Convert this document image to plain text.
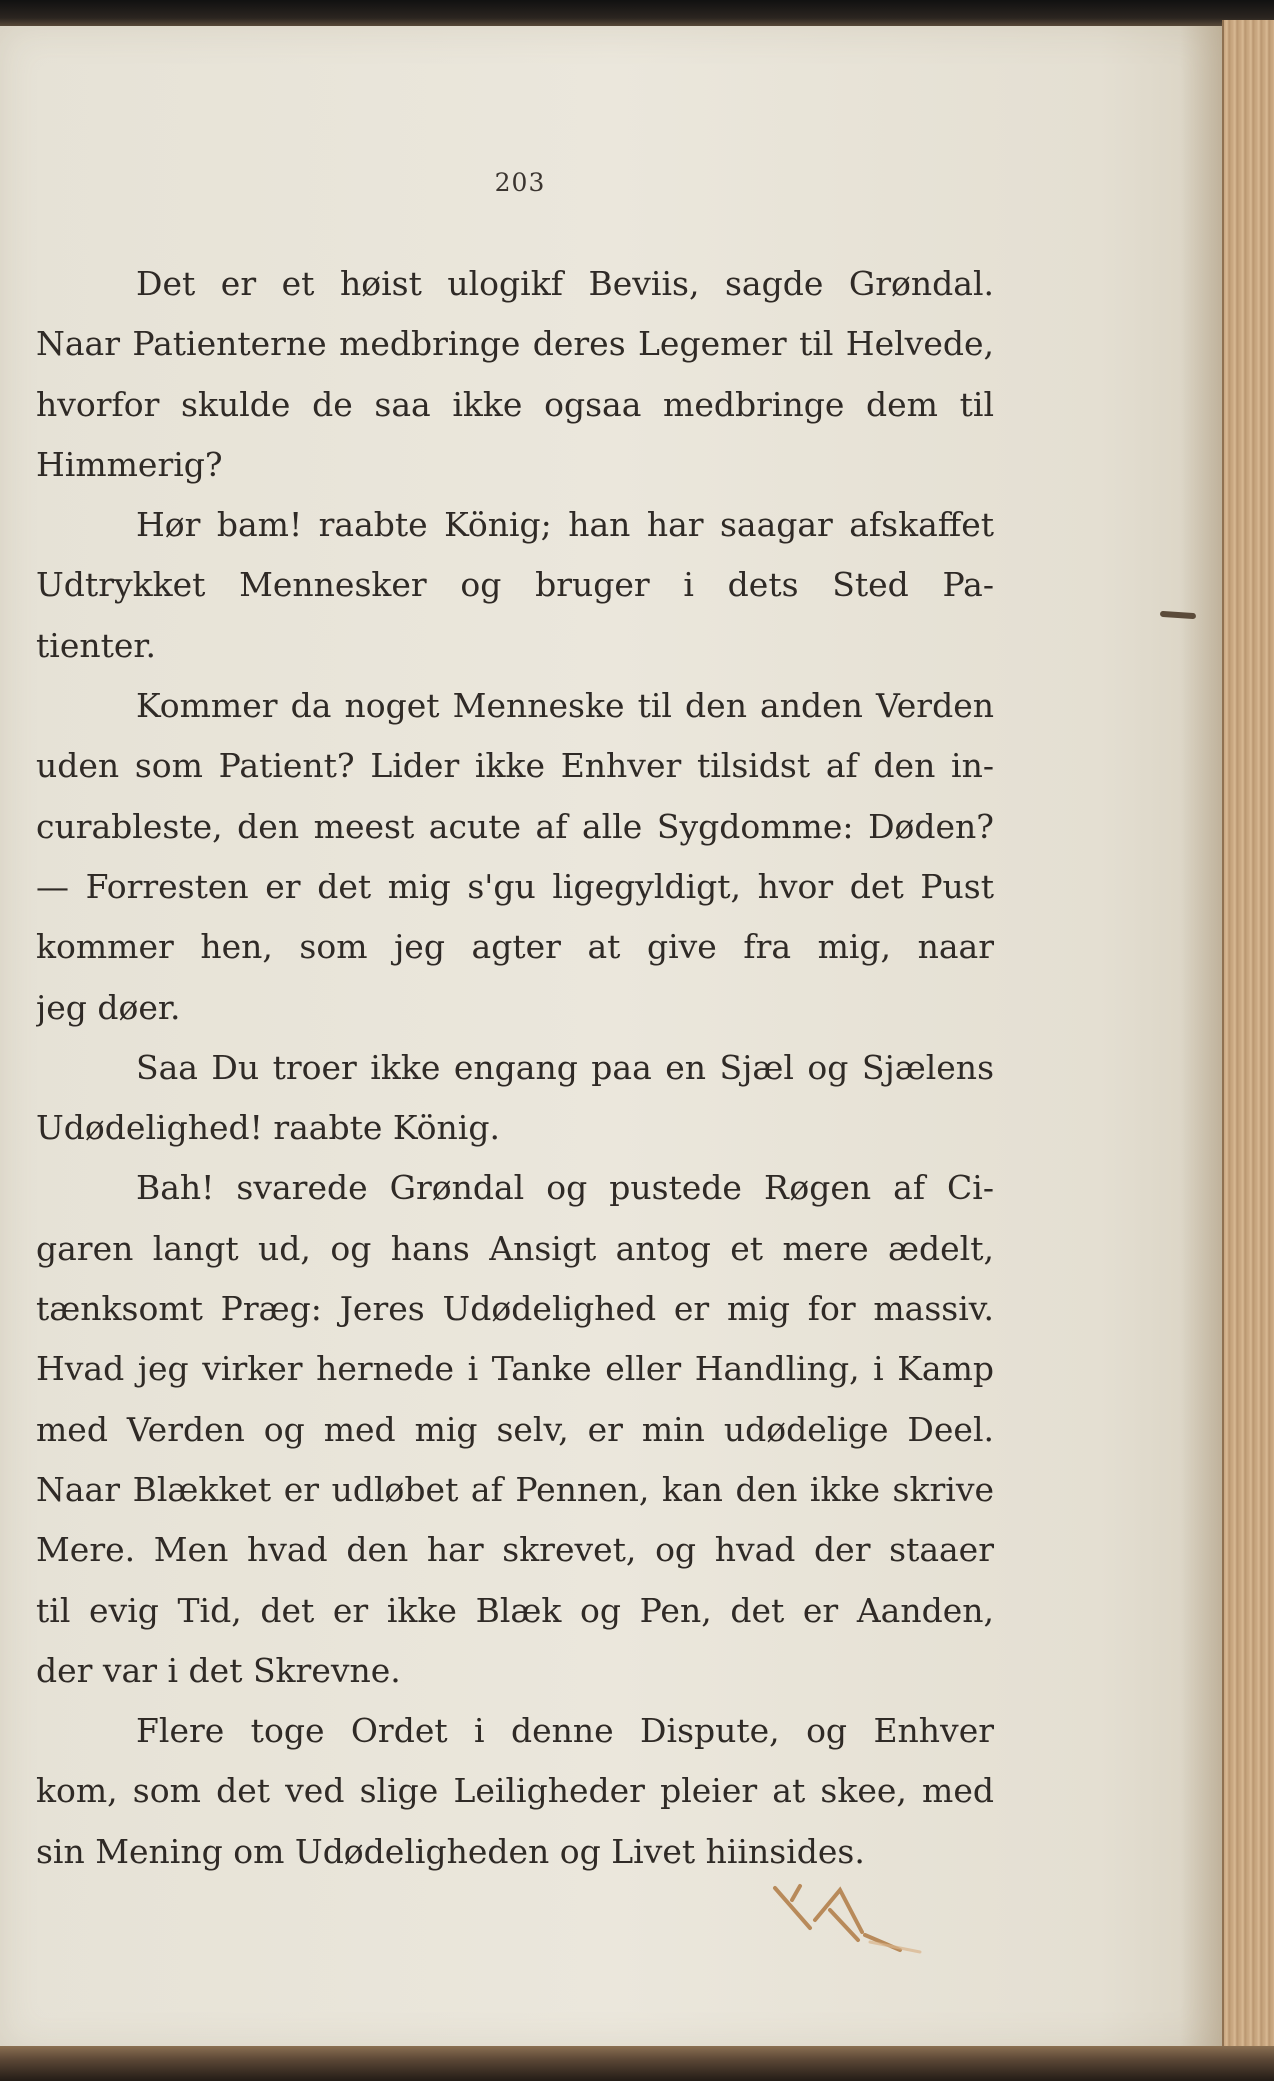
203
Det er et høist ulogikf Beviis, sagde Grøndal.
Naar Patienterne medbringe deres Legemer til Helvede,
hvorfor skulde de saa ikke ogsaa medbringe dem til
Himmerig?
Hør bam! raabte König; han har saagar afskaffet
Udtrykket Mennesker og bruger i dets Sted Pa-
tienter.
Kommer da noget Menneske til den anden Verden
uden som Patient? Lider ikke Enhver tilsidst af den in-
curableste, den meest acute af alle Sygdomme: Døden?
— Forresten er det mig s'gu ligegyldigt, hvor det Pust
kommer hen, som jeg agter at give fra mig, naar
jeg døer.
Saa Du troer ikke engang paa en Sjæl og Sjælens
Udødelighed! raabte König.
Bah! svarede Grøndal og pustede Røgen af Ci-
garen langt ud, og hans Ansigt antog et mere ædelt,
tænksomt Præg: Jeres Udødelighed er mig for massiv.
Hvad jeg virker hernede i Tanke eller Handling, i Kamp
med Verden og med mig selv, er min udødelige Deel.
Naar Blækket er udløbet af Pennen, kan den ikke skrive
Mere. Men hvad den har skrevet, og hvad der staaer
til evig Tid, det er ikke Blæk og Pen, det er Aanden,
der var i det Skrevne.
Flere toge Ordet i denne Dispute, og Enhver
kom, som det ved slige Leiligheder pleier at skee, med
sin Mening om Udødeligheden og Livet hiinsides.
